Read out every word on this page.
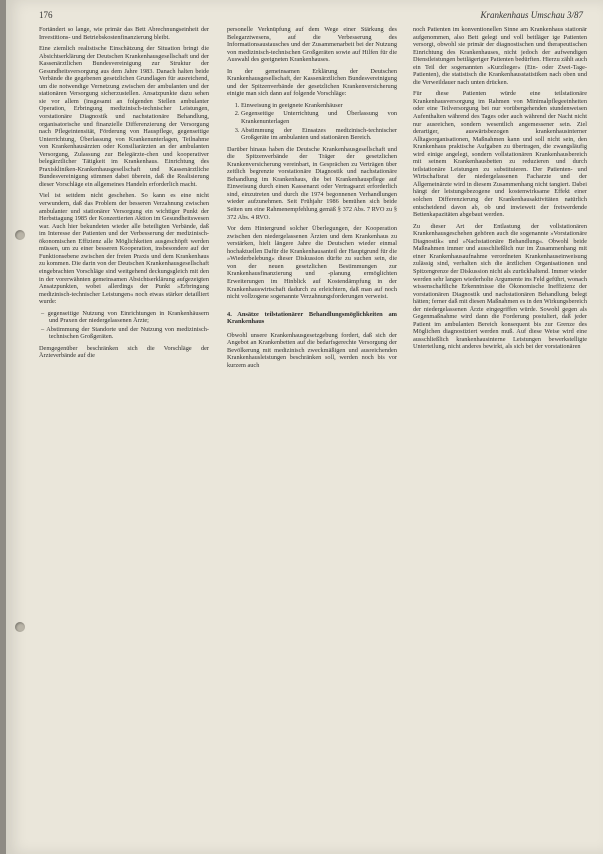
176	Krankenhaus Umschau 3/87

Fortändert so lange, wie primär das Bett Abrechnungseinheit der Investitions- und Betriebskostenfinanzierung bleibt.

Eine ziemlich realistische Einschätzung der Situation bringt die Absichtserklärung der Deutschen Krankenhausgesellschaft und der Kassenärztlichen Bundesvereinigung zur Struktur der Gesundheitsversorgung aus dem Jahre 1983. Danach halten beide Verbände die gegebenen gesetzlichen Grundlagen für ausreichend, um die notwendige Vernetzung zwischen der ambulanten und der stationären Versorgung sicherzustellen. Ansatzpunkte dazu sehen sie vor allem (insgesamt an folgenden Stellen ambulanter Operation, Erbringung medizinisch-technischer Leistungen, vorstationäre Diagnostik und nachstationäre Behandlung, organisatorische und finanzielle Differenzierung der Versorgung nach Pflegeintensität, Förderung von Hauspflege, gegenseitige Unterrichtung, Überlassung von Krankenunterlagen, Teilnahme von Krankenhausärzten oder Konsiliarärzten an der ambulanten Versorgung, Zulassung zur Belegärzte-chen und kooperativer belegärztlicher Tätigkeit im Krankenhaus. Einrichtung des Praxiskliniken-Krankenhausgesellschaft und Kassenärztliche Bundesvereinigung stimmen dabei überein, daß die Realisierung dieser Vorschläge ein allgemeines Handeln erforderlich macht.

Viel ist seitdem nicht geschehen. So kann es eine nicht verwundern, daß das Problem der besseren Verzahnung zwischen ambulanter und stationärer Versorgung ein wichtiger Punkt der Herbsttagung 1985 der Konzertierten Aktion im Gesundheitswesen war. Auch hier bekundeten wieder alle beteiligten Verbände, daß im Interesse der Patienten und der Verbesserung der medizinisch-ökonomischen Effizienz alle Möglichkeiten ausgeschöpft werden müssen, um zu einer besseren Kooperation, insbesondere auf der Funktionsebene zwischen der freien Praxis und dem Krankenhaus zu kommen. Die darin von der Deutschen Krankenhausgesellschaft eingebrachten Vorschläge sind weitgehend deckungsgleich mit den in der vorerwähnten gemeinsamen Absichtserklärung aufgezeigten Ansatzpunkten, wobei allerdings der Punkt »Erbringung medizinisch-technischer Leistungen« noch etwas stärker detailliert wurde:

– gegenseitige Nutzung von Einrichtungen in Krankenhäusern und Praxen der niedergelassenen Ärzte;
– Abstimmung der Standorte und der Nutzung von medizinisch-technischen Großgeräten.

Demgegenüber beschränken sich die Vorschläge der Ärzteverbände auf die

personelle Verknüpfung auf dem Wege einer Stärkung des Belegarztwesens, auf die Verbesserung des Informationsaustausches und der Zusammenarbeit bei der Nutzung von medizinisch-technischen Großgeräten sowie auf Hilfen für die Auswahl des geeigneten Krankenhauses.

In der gemeinsamen Erklärung der Deutschen Krankenhausgesellschaft, der Kassenärztlichen Bundesvereinigung und der Spitzenverbände der gesetzlichen Krankenversicherung einigte man sich dann auf folgende Vorschläge:

1. Einweisung in geeignete Krankenhäuser
2. Gegenseitige Unterrichtung und Überlassung von Krankenunterlagen
3. Abstimmung der Einsatzes medizinisch-technischer Großgeräte im ambulanten und stationären Bereich.

Darüber hinaus haben die Deutsche Krankenhausgesellschaft und die Spitzenverbände der Träger der gesetzlichen Krankenversicherung vereinbart, in Gesprächen zu Verträgen über zeitlich begrenzte vorstationäre Diagnostik und nachstationäre Behandlung im Krankenhaus, die bei Krankenhauspflege auf Einweisung durch einen Kassenarzt oder Vertragsarzt erforderlich sind, einzutreten und durch die 1974 begonnenen Verhandlungen wieder aufzunehmen. Seit Frühjahr 1986 bemühen sich beide Seiten um eine Rahmenempfehlung gemäß § 372 Abs. 7 RVO zu § 372 Abs. 4 RVO.

Vor dem Hintergrund solcher Überlegungen, der Kooperation zwischen den niedergelassenen Ärzten und dem Krankenhaus zu verstärken, hielt längere Jahre die Deutschen wieder einmal hochaktuellen Dafür die Krankenhausanteil der Hauptgrund für die »Wiederbelebung« dieser Diskussion dürfte zu suchen sein, die von der neuen gesetzlichen Bestimmungen zur Krankenhausfinanzierung und -planung ermöglichten Erweiterungen im Hinblick auf Kostendämpfung in der Krankenhauswirtschaft dadurch zu erleichtern, daß man auf noch nicht vollzogene sogenannte Verzahnungsforderungen verweist.

4. Ansätze teilstationärer Behandlungsmöglichkeiten am Krankenhaus

Obwohl unsere Krankenhausgesetzgebung fordert, daß sich der Angebot an Krankenbetten auf die bedarfsgerechte Versorgung der Bevölkerung mit medizinisch zweckmäßigen und ausreichenden Krankenhausleistungen beschränken soll, werden noch bis vor kurzem auch

noch Patienten im konventionellen Sinne am Krankenhaus stationär aufgenommen, also Bett gelegt und voll beitläger ige Patienten versorgt, obwohl sie primär der diagnostischen und therapeutischen Einrichtung des Krankenhauses, nicht jedoch der aufwendigen Dienstleistungen bettlägeriger Patienten bedürften. Hierzu zählt auch ein Teil der sogenannten »Kurzlieger« (Ein- oder Zwei-Tage-Patienten), die statistisch die Krankenhausstatistiken nach oben und die Verweildauer nach unten drücken.

Für diese Patienten würde eine teilstationäre Krankenhausversorgung im Rahmen von Minimalpflegeeinheiten oder eine Teilversorgung bei nur vorübergehenden stundenweisen Aufenthalten während des Tages oder auch während der Nacht nicht nur ausreichen, sondern wesentlich angemessener sein. Ziel derartiger, auswärtsbezogen krankenhausinterner Alltagsorganisationen, Maßnahmen kann und soll nicht sein, den Krankenhaus praktische Aufgaben zu übertragen, die zwangsläufig wird einige angelegt, sondern vollstationären Krankenhausbereich mit seinem Krankenhausbetten zu reduzieren und durch teilstationäre Leistungen zu substituieren. Der Patienten- und Wirtschaftsrat der niedergelassenen Facharzte und der Allgemeinärzte wird in diesem Zusammenhang nicht tangiert. Dabei hängt der leistungsbezogene und kostenwirksame Effekt einer solchen Differenzierung der Krankenhausaktivitäten natürlich entscheidend davon ab, ob und inwieweit der freiwerdende Bettenkapazitäten abgebaut werden.

Zu dieser Art der Entlastung der vollstationären Krankenhausgeschehen gehören auch die sogenannte »Vorstationäre Diagnostik« und »Nachstationäre Behandlung«. Obwohl beide Maßnahmen immer und ausschließlich nur im Zusammenhang mit einer Krankenhausaufnahme verordneten Krankenhauseinweisung zulässig sind, verhalten sich die ärztlichen Organisationen und Spitzengrenze der Diskussion nicht als zurückhaltend. Immer wieder werden sehr langen wiederholte Argumente ins Feld geführt, wonach wissenschaftliche Erkenntnisse die Ökonomische Ineffizienz der vorstationären Diagnostik und nachstationären Behandlung belegt hätten; ferner daß mit diesen Maßnahmen es in den Wirkungsbereich der niedergelassenen Ärzte eingegriffen würde. Sowohl gegen als Gegenmaßnahme wird dann die Forderung postuliert, daß jeder Patient im ambulanten Bereich konsequent bis zur Grenze des Möglichen diagnostiziert werden muß. Auf diese Weise wird eine ausschließlich krankenhausinterne Leistungen bewerkstelligte Unterteilung, nicht anderes bewirkt, als sich bei der vorstationären
